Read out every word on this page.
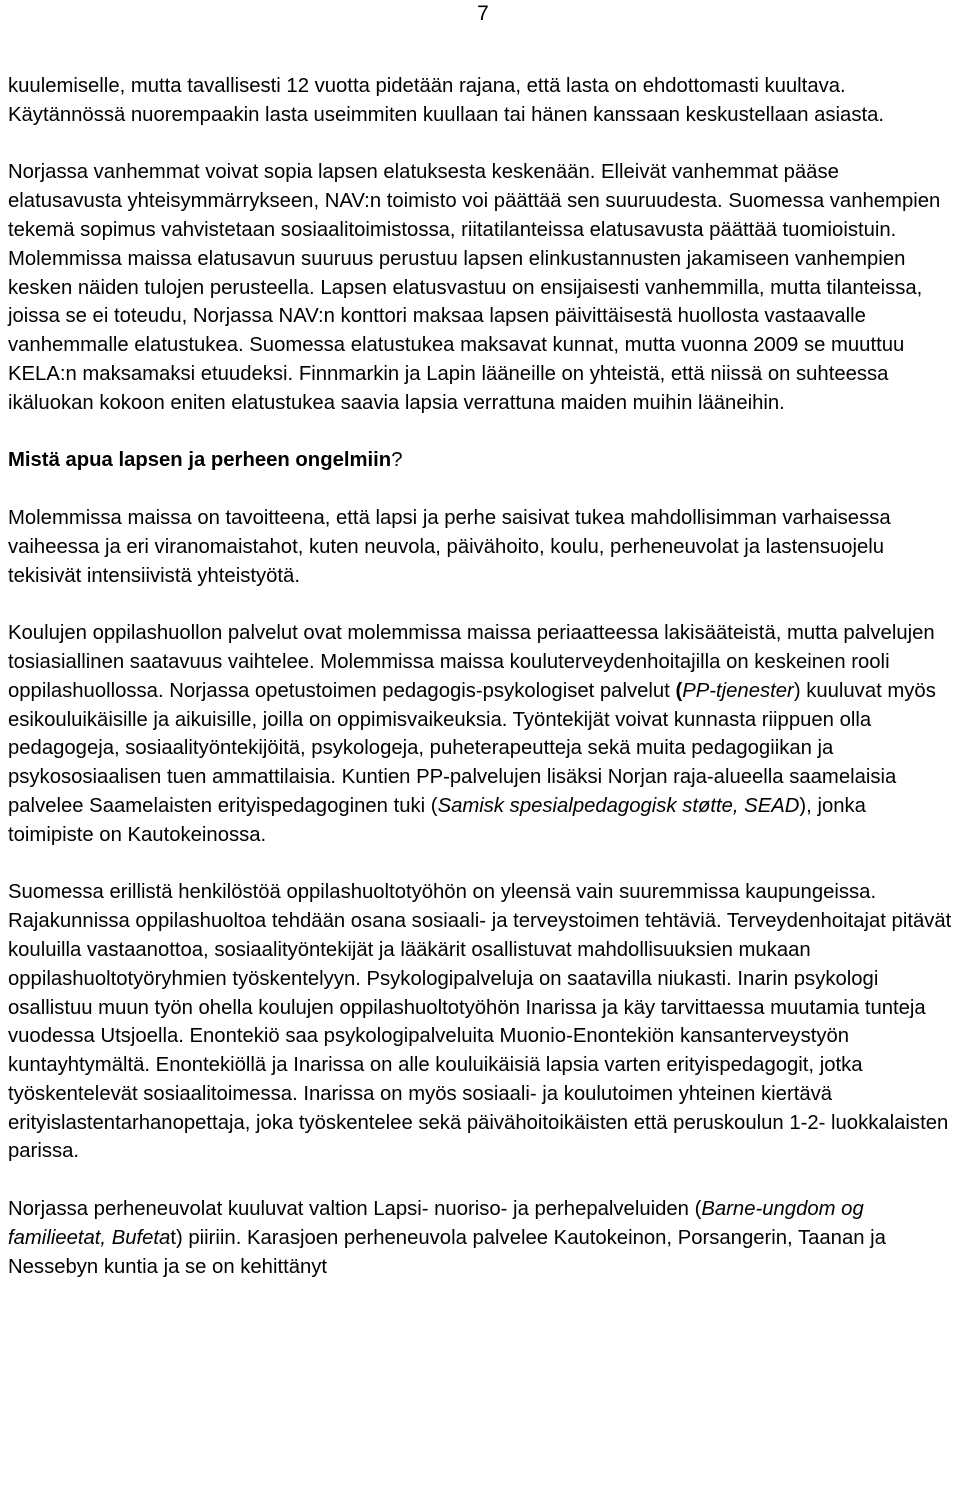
7

kuulemiselle, mutta tavallisesti 12 vuotta pidetään rajana, että lasta on ehdottomasti kuultava. Käytännössä nuorempaakin lasta useimmiten kuullaan tai hänen kanssaan keskustellaan asiasta.

Norjassa vanhemmat voivat sopia lapsen elatuksesta keskenään. Elleivät vanhemmat pääse elatusavusta yhteisymmärrykseen, NAV:n toimisto voi päättää sen suuruudesta. Suomessa vanhempien tekemä sopimus vahvistetaan sosiaalitoimistossa, riitatilanteissa elatusavusta päättää tuomioistuin. Molemmissa maissa elatusavun suuruus perustuu lapsen elinkustannusten jakamiseen vanhempien kesken näiden tulojen perusteella. Lapsen elatusvastuu on ensijaisesti vanhemmilla, mutta tilanteissa, joissa se ei toteudu, Norjassa NAV:n konttori maksaa lapsen päivittäisestä huollosta vastaavalle vanhemmalle elatustukea. Suomessa elatustukea maksavat kunnat, mutta vuonna 2009 se muuttuu KELA:n maksamaksi etuudeksi. Finnmarkin ja Lapin lääneille on yhteistä, että niissä on suhteessa ikäluokan kokoon eniten elatustukea saavia lapsia verrattuna maiden muihin lääneihin.

Mistä apua lapsen ja perheen ongelmiin?

Molemmissa maissa on tavoitteena, että lapsi ja perhe saisivat tukea mahdollisimman varhaisessa vaiheessa ja eri viranomaistahot, kuten neuvola, päivähoito, koulu, perheneuvolat ja lastensuojelu tekisivät intensiivistä yhteistyötä.

Koulujen oppilashuollon palvelut ovat molemmissa maissa periaatteessa lakisääteistä, mutta palvelujen tosiasiallinen saatavuus vaihtelee. Molemmissa maissa kouluterveydenhoitajilla on keskeinen rooli oppilashuollossa. Norjassa opetustoimen pedagogis-psykologiset palvelut (PP-tjenester) kuuluvat myös esikouluikäisille ja aikuisille, joilla on oppimisvaikeuksia. Työntekijät voivat kunnasta riippuen olla pedagogeja, sosiaalityöntekijöitä, psykologeja, puheterapeutteja sekä muita pedagogiikan ja psykososiaalisen tuen ammattilaisia. Kuntien PP-palvelujen lisäksi Norjan raja-alueella saamelaisia palvelee Saamelaisten erityispedagoginen tuki (Samisk spesialpedagogisk støtte, SEAD), jonka toimipiste on Kautokeinossa.

Suomessa erillistä henkilöstöä oppilashuoltotyöhön on yleensä vain suuremmissa kaupungeissa. Rajakunnissa oppilashuoltoa tehdään osana sosiaali- ja terveystoimen tehtäviä. Terveydenhoitajat pitävät kouluilla vastaanottoa, sosiaalityöntekijät ja lääkärit osallistuvat mahdollisuuksien mukaan oppilashuoltotyöryhmien työskentelyyn. Psykologipalveluja on saatavilla niukasti. Inarin psykologi osallistuu muun työn ohella koulujen oppilashuoltotyöhön Inarissa ja käy tarvittaessa muutamia tunteja vuodessa Utsjoella. Enontekiö saa psykologipalveluita Muonio-Enontekiön kansanterveystyön kuntayhtymältä. Enontekiöllä ja Inarissa on alle kouluikäisiä lapsia varten erityispedagogit, jotka työskentelevät sosiaalitoimessa. Inarissa on myös sosiaali- ja koulutoimen yhteinen kiertävä erityislastentarhanopettaja, joka työskentelee sekä päivähoitoikäisten että peruskoulun 1-2- luokkalaisten parissa.

Norjassa perheneuvolat kuuluvat valtion Lapsi- nuoriso- ja perhepalveluiden (Barne-ungdom og familieetat, Bufetat) piiriin. Karasjoen perheneuvola palvelee Kautokeinon, Porsangerin, Taanan ja Nessebyn kuntia ja se on kehittänyt
